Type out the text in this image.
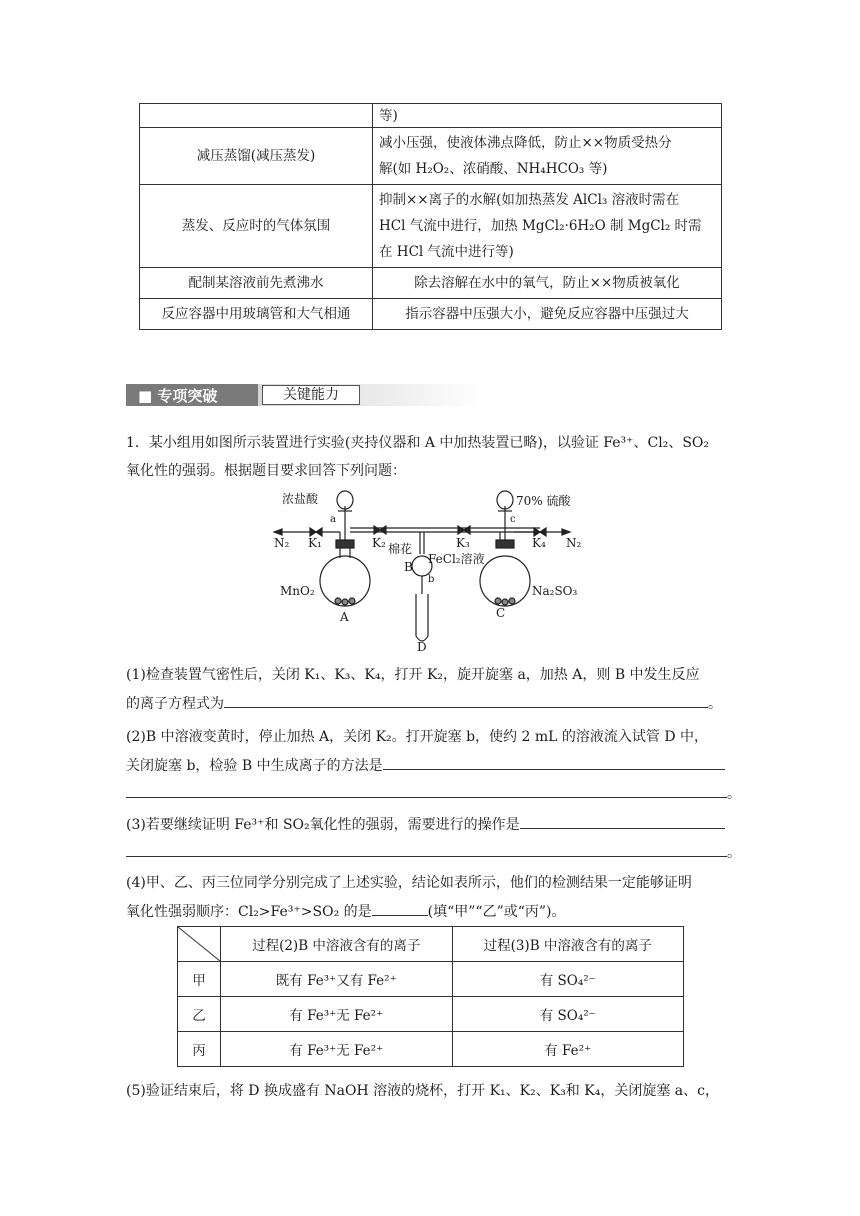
	等)
减压蒸馏(减压蒸发)	减小压强，使液体沸点降低，防止××物质受热分
解(如 H₂O₂、浓硝酸、NH₄HCO₃ 等)

蒸发、反应时的气体氛围	抑制××离子的水解(如加热蒸发 AlCl₃ 溶液时需在
HCl 气流中进行，加热 MgCl₂·6H₂O 制 MgCl₂ 时需
在 HCl 气流中进行等)

配制某溶液前先煮沸水	除去溶解在水中的氧气，防止××物质被氧化
反应容器中用玻璃管和大气相通	指示容器中压强大小，避免反应容器中压强过大
■ 专项突破	关键能力
1．某小组用如图所示装置进行实验(夹持仪器和 A 中加热装置已略)，以验证 Fe³⁺、Cl₂、SO₂
氧化性的强弱。根据题目要求回答下列问题：
浓盐酸	70% 硫酸
a	c
N₂	N₂
K₁	K₂	K₃	K₄
棉花
FeCl₂溶液
B
b
MnO₂	Na₂SO₃
A	C
D
(1)检查装置气密性后，关闭 K₁、K₃、K₄，打开 K₂，旋开旋塞 a，加热 A，则 B 中发生反应
的离子方程式为	。
(2)B 中溶液变黄时，停止加热 A，关闭 K₂。打开旋塞 b，使约 2 mL 的溶液流入试管 D 中，
关闭旋塞 b，检验 B 中生成离子的方法是
。
(3)若要继续证明 Fe³⁺和 SO₂氧化性的强弱，需要进行的操作是
。
(4)甲、乙、丙三位同学分别完成了上述实验，结论如表所示，他们的检测结果一定能够证明
氧化性强弱顺序：Cl₂>Fe³⁺>SO₂ 的是	(填“甲”“乙”或“丙”)。
	过程(2)B 中溶液含有的离子	过程(3)B 中溶液含有的离子
甲	既有 Fe³⁺又有 Fe²⁺	有 SO₄²⁻
乙	有 Fe³⁺无 Fe²⁺	有 SO₄²⁻
丙	有 Fe³⁺无 Fe²⁺	有 Fe²⁺
(5)验证结束后，将 D 换成盛有 NaOH 溶液的烧杯，打开 K₁、K₂、K₃和 K₄，关闭旋塞 a、c，
